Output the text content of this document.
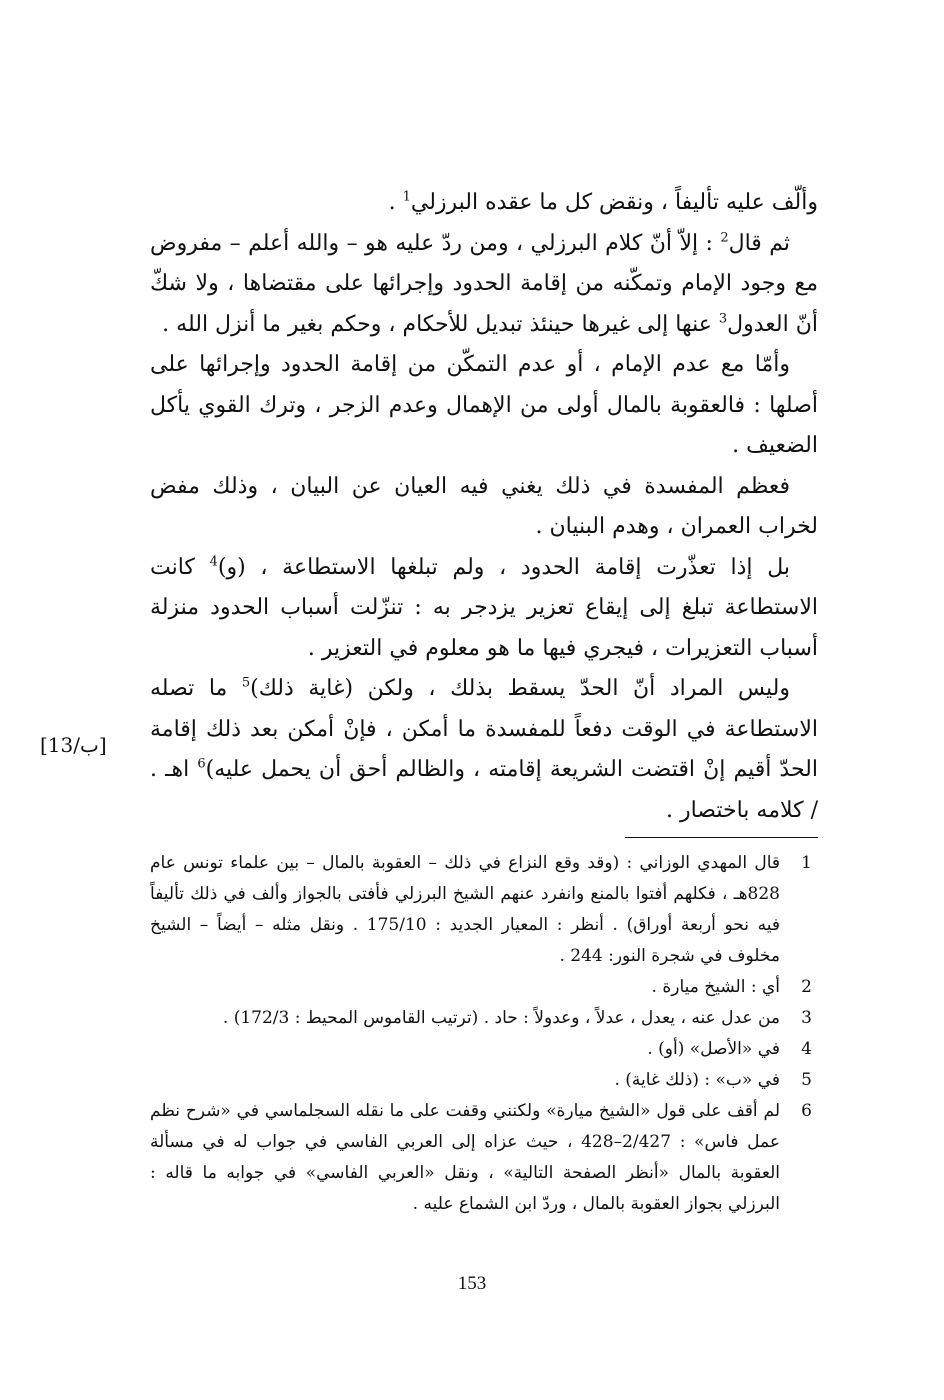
وألّف عليه تأليفاً ، ونقض كل ما عقده البرزلي$^1$ .

ثم قال$^2$ : إلاّ أنّ كلام البرزلي ، ومن ردّ عليه هو – والله أعلم – مفروض مع وجود الإمام وتمكّنه من إقامة الحدود وإجرائها على مقتضاها ، ولا شكّ أنّ العدول$^3$ عنها إلى غيرها حينئذ تبديل للأحكام ، وحكم بغير ما أنزل الله .

وأمّا مع عدم الإمام ، أو عدم التمكّن من إقامة الحدود وإجرائها على أصلها : فالعقوبة بالمال أولى من الإهمال وعدم الزجر ، وترك القوي يأكل الضعيف .

فعظم المفسدة في ذلك يغني فيه العيان عن البيان ، وذلك مفض لخراب العمران ، وهدم البنيان .

بل إذا تعذّرت إقامة الحدود ، ولم تبلغها الاستطاعة ، (و)$^4$ كانت الاستطاعة تبلغ إلى إيقاع تعزير يزدجر به : تنزّلت أسباب الحدود منزلة أسباب التعزيرات ، فيجري فيها ما هو معلوم في التعزير .

وليس المراد أنّ الحدّ يسقط بذلك ، ولكن (غاية ذلك)$^5$ ما تصله الاستطاعة في الوقت دفعاً للمفسدة ما أمكن ، فإنْ أمكن بعد ذلك إقامة الحدّ أقيم إنْ اقتضت الشريعة إقامته ، والظالم أحق أن يحمل عليه)$^6$ اهـ . / كلامه باختصار .

[13/ب]
1
قال المهدي الوزاني : (وقد وقع النزاع في ذلك – العقوبة بالمال – بين علماء تونس عام 828هـ ، فكلهم أفتوا بالمنع وانفرد عنهم الشيخ البرزلي فأفتى بالجواز وألف في ذلك تأليفاً فيه نحو أربعة أوراق) . أنظر : المعيار الجديد : 175/10 . ونقل مثله – أيضاً – الشيخ مخلوف في شجرة النور: 244 .
2
أي : الشيخ ميارة .
3
من عدل عنه ، يعدل ، عدلاً ، وعدولاً : حاد . (ترتيب القاموس المحيط : 172/3) .
4
في «الأصل» (أو) .
5
في «ب» : (ذلك غاية) .
6
لم أقف على قول «الشيخ ميارة» ولكنني وقفت على ما نقله السجلماسي في «شرح نظم عمل فاس» : 2/427–428 ، حيث عزاه إلى العربي الفاسي في جواب له في مسألة العقوبة بالمال «أنظر الصفحة التالية» ، ونقل «العربي الفاسي» في جوابه ما قاله : البرزلي بجواز العقوبة بالمال ، وردّ ابن الشماع عليه .
153
